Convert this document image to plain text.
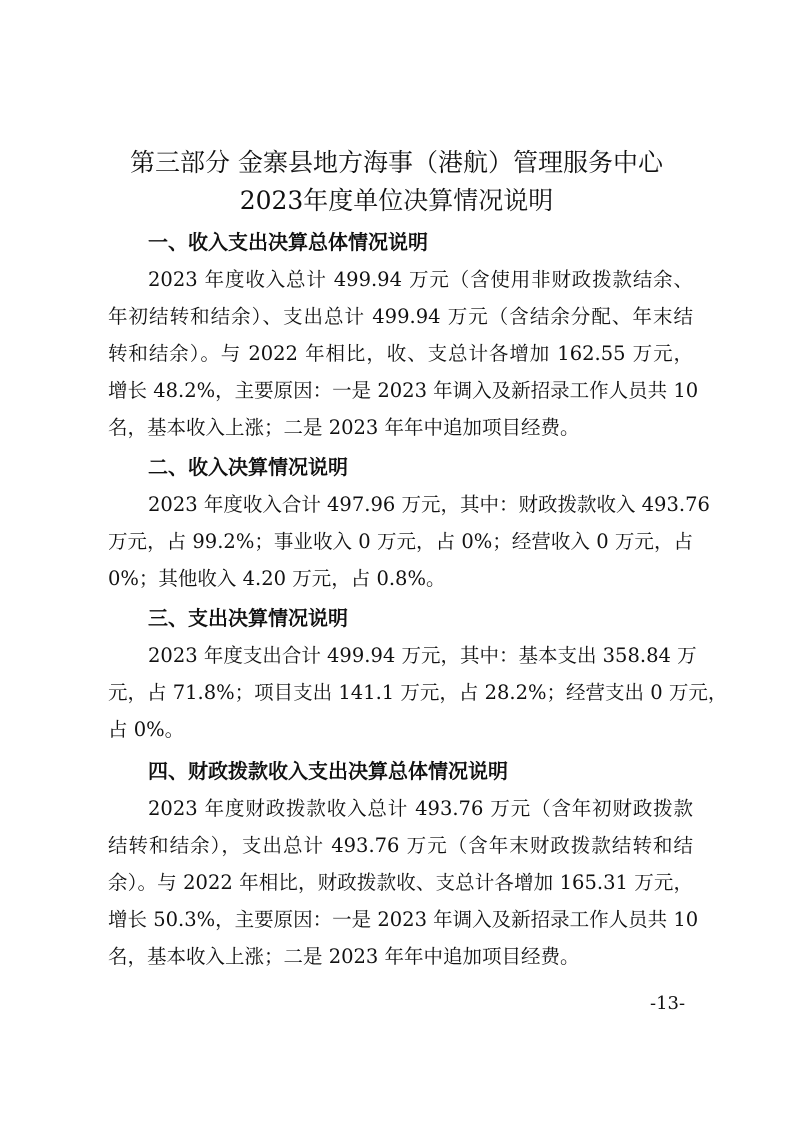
第三部分 金寨县地方海事（港航）管理服务中心
2023年度单位决算情况说明
一、收入支出决算总体情况说明
2023 年度收入总计 499.94 万元（含使用非财政拨款结余、
年初结转和结余）、支出总计 499.94 万元（含结余分配、年末结
转和结余）。与 2022 年相比，收、支总计各增加 162.55 万元，
增长 48.2%，主要原因：一是 2023 年调入及新招录工作人员共 10
名，基本收入上涨；二是 2023 年年中追加项目经费。
二、收入决算情况说明
2023 年度收入合计 497.96 万元，其中：财政拨款收入 493.76
万元，占 99.2%；事业收入 0 万元，占 0%；经营收入 0 万元，占
0%；其他收入 4.20 万元，占 0.8%。
三、支出决算情况说明
2023 年度支出合计 499.94 万元，其中：基本支出 358.84 万
元，占 71.8%；项目支出 141.1 万元，占 28.2%；经营支出 0 万元，
占 0%。
四、财政拨款收入支出决算总体情况说明
2023 年度财政拨款收入总计 493.76 万元（含年初财政拨款
结转和结余），支出总计 493.76 万元（含年末财政拨款结转和结
余）。与 2022 年相比，财政拨款收、支总计各增加 165.31 万元，
增长 50.3%，主要原因：一是 2023 年调入及新招录工作人员共 10
名，基本收入上涨；二是 2023 年年中追加项目经费。
-13-
